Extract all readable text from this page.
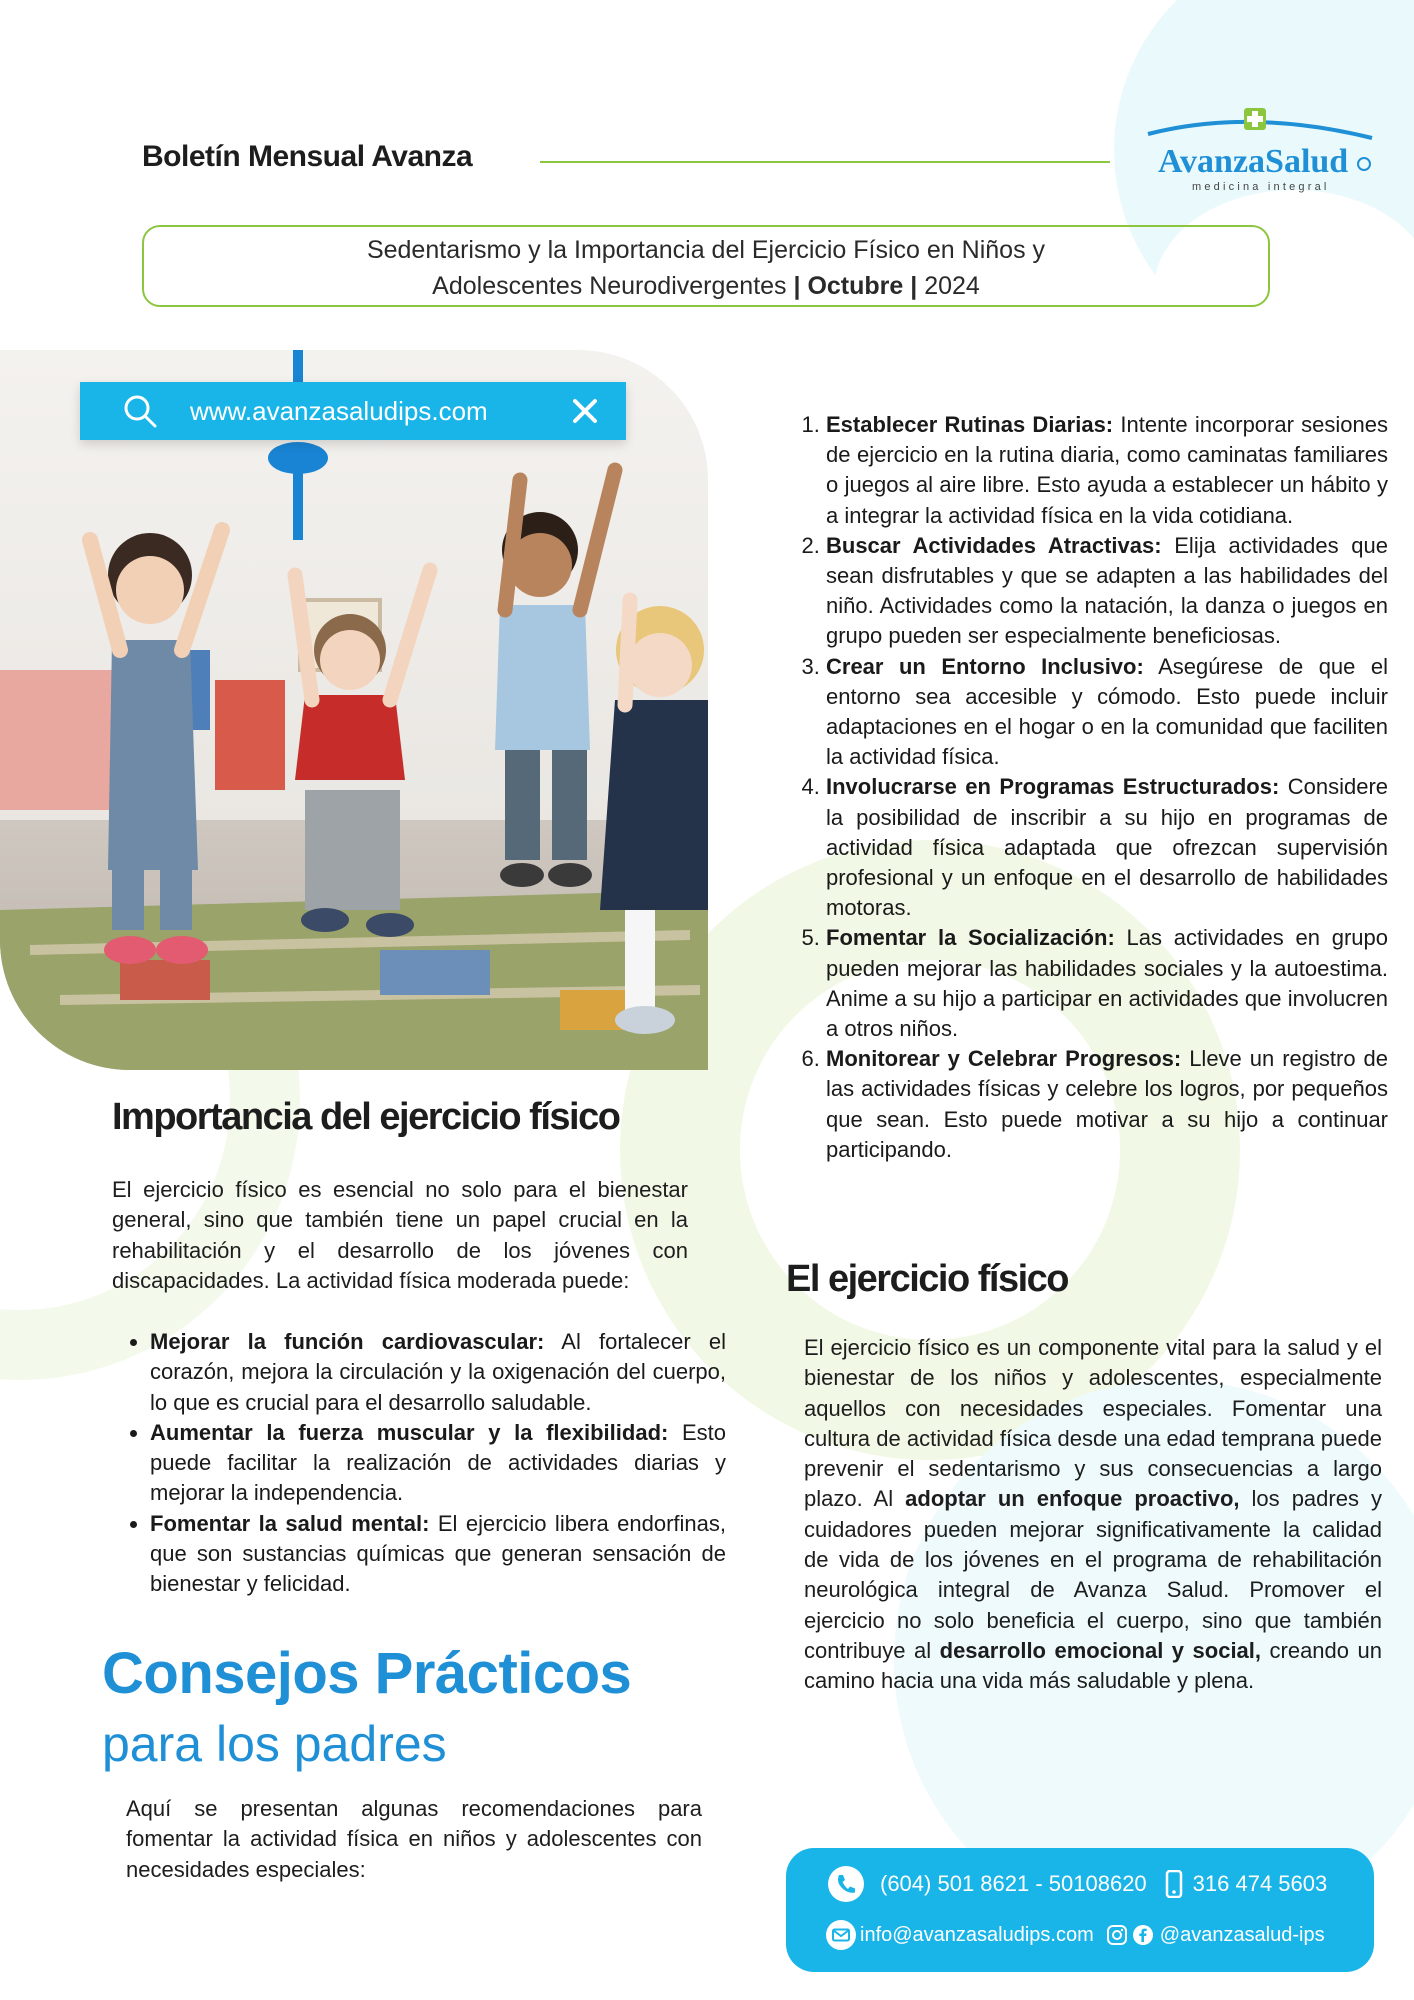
Boletín Mensual Avanza	AvanzaSalud
medicina integral
Sedentarismo y la Importancia del Ejercicio Físico en Niños y
Adolescentes Neurodivergentes | Octubre | 2024
www.avanzasaludips.com
Importancia del ejercicio físico
El ejercicio físico es esencial no solo para el bienestar general, sino que también tiene un papel crucial en la rehabilitación y el desarrollo de los jóvenes con discapacidades. La actividad física moderada puede:
• Mejorar la función cardiovascular: Al fortalecer el corazón, mejora la circulación y la oxigenación del cuerpo, lo que es crucial para el desarrollo saludable.
• Aumentar la fuerza muscular y la flexibilidad: Esto puede facilitar la realización de actividades diarias y mejorar la independencia.
• Fomentar la salud mental: El ejercicio libera endorfinas, que son sustancias químicas que generan sensación de bienestar y felicidad.
Consejos Prácticos
para los padres
Aquí se presentan algunas recomendaciones para fomentar la actividad física en niños y adolescentes con necesidades especiales:
1. Establecer Rutinas Diarias: Intente incorporar sesiones de ejercicio en la rutina diaria, como caminatas familiares o juegos al aire libre. Esto ayuda a establecer un hábito y a integrar la actividad física en la vida cotidiana.
2. Buscar Actividades Atractivas: Elija actividades que sean disfrutables y que se adapten a las habilidades del niño. Actividades como la natación, la danza o juegos en grupo pueden ser especialmente beneficiosas.
3. Crear un Entorno Inclusivo: Asegúrese de que el entorno sea accesible y cómodo. Esto puede incluir adaptaciones en el hogar o en la comunidad que faciliten la actividad física.
4. Involucrarse en Programas Estructurados: Considere la posibilidad de inscribir a su hijo en programas de actividad física adaptada que ofrezcan supervisión profesional y un enfoque en el desarrollo de habilidades motoras.
5. Fomentar la Socialización: Las actividades en grupo pueden mejorar las habilidades sociales y la autoestima. Anime a su hijo a participar en actividades que involucren a otros niños.
6. Monitorear y Celebrar Progresos: Lleve un registro de las actividades físicas y celebre los logros, por pequeños que sean. Esto puede motivar a su hijo a continuar participando.
El ejercicio físico
El ejercicio físico es un componente vital para la salud y el bienestar de los niños y adolescentes, especialmente aquellos con necesidades especiales. Fomentar una cultura de actividad física desde una edad temprana puede prevenir el sedentarismo y sus consecuencias a largo plazo. Al adoptar un enfoque proactivo, los padres y cuidadores pueden mejorar significativamente la calidad de vida de los jóvenes en el programa de rehabilitación neurológica integral de Avanza Salud. Promover el ejercicio no solo beneficia el cuerpo, sino que también contribuye al desarrollo emocional y social, creando un camino hacia una vida más saludable y plena.
(604) 501 8621 - 50108620 316 474 5603
info@avanzasaludips.com	@avanzasalud-ips
